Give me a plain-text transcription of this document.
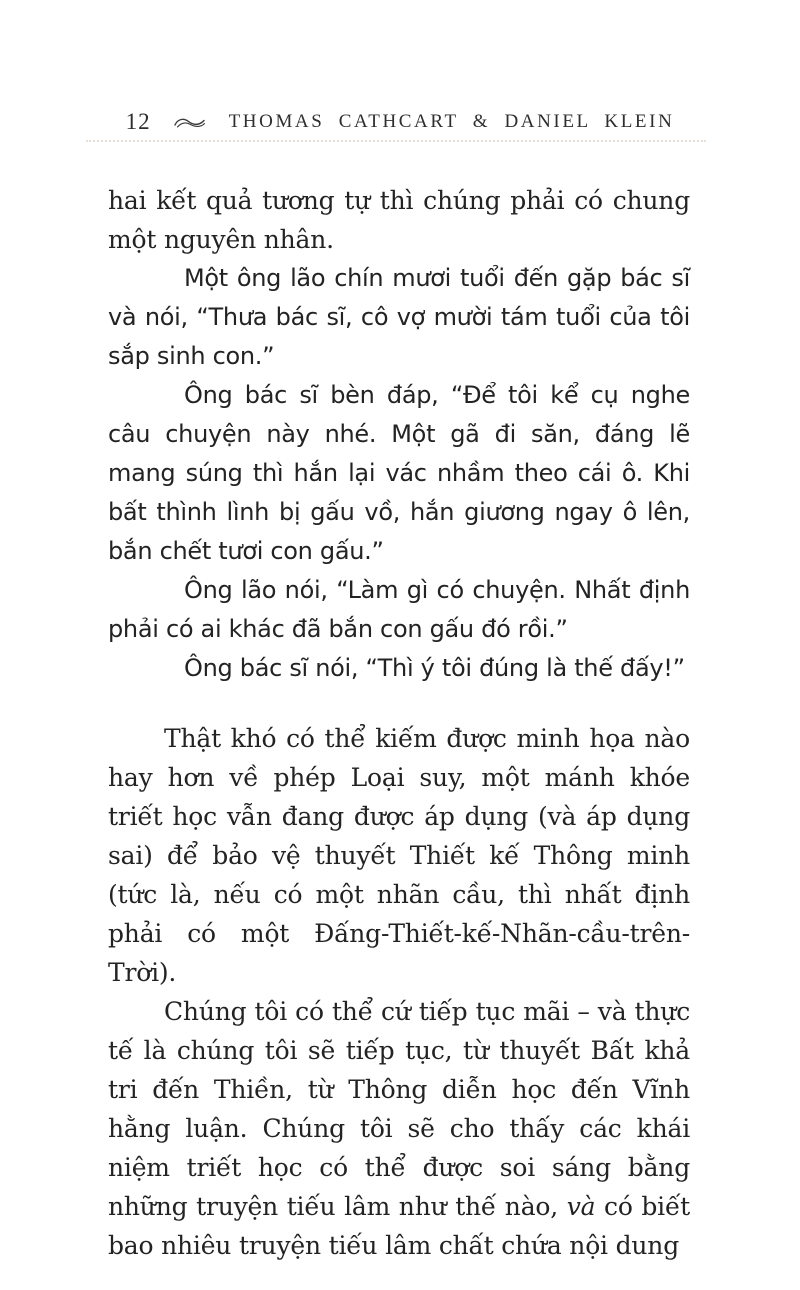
12	THOMAS CATHCART & DANIEL KLEIN

hai kết quả tương tự thì chúng phải có chung một nguyên nhân.

Một ông lão chín mươi tuổi đến gặp bác sĩ và nói, “Thưa bác sĩ, cô vợ mười tám tuổi của tôi sắp sinh con.”

Ông bác sĩ bèn đáp, “Để tôi kể cụ nghe câu chuyện này nhé. Một gã đi săn, đáng lẽ mang súng thì hắn lại vác nhầm theo cái ô. Khi bất thình lình bị gấu vồ, hắn giương ngay ô lên, bắn chết tươi con gấu.”

Ông lão nói, “Làm gì có chuyện. Nhất định phải có ai khác đã bắn con gấu đó rồi.”

Ông bác sĩ nói, “Thì ý tôi đúng là thế đấy!”

Thật khó có thể kiếm được minh họa nào hay hơn về phép Loại suy, một mánh khóe triết học vẫn đang được áp dụng (và áp dụng sai) để bảo vệ thuyết Thiết kế Thông minh (tức là, nếu có một nhãn cầu, thì nhất định phải có một Đấng-Thiết-kế-Nhãn-cầu-trên-Trời).

Chúng tôi có thể cứ tiếp tục mãi – và thực tế là chúng tôi sẽ tiếp tục, từ thuyết Bất khả tri đến Thiền, từ Thông diễn học đến Vĩnh hằng luận. Chúng tôi sẽ cho thấy các khái niệm triết học có thể được soi sáng bằng những truyện tiếu lâm như thế nào, và có biết bao nhiêu truyện tiếu lâm chất chứa nội dung
